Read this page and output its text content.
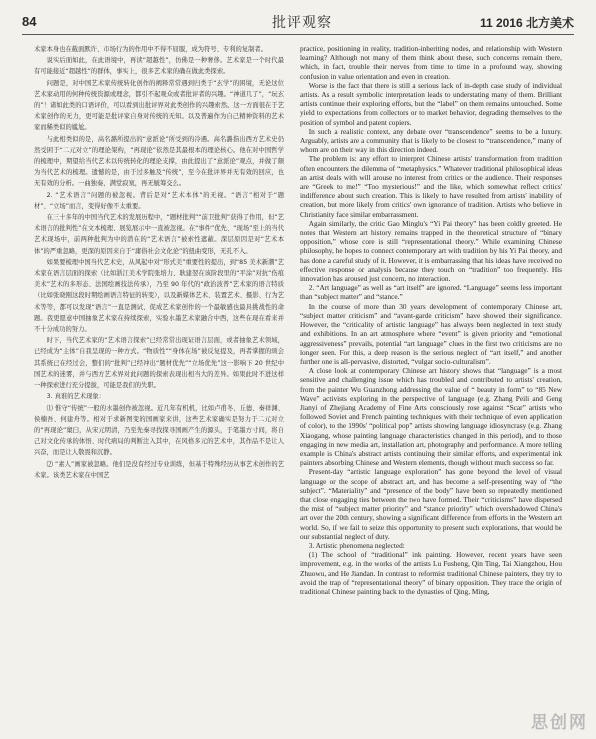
84	批评观察	11 2016 北方美术

术家本身也在截面默许、市场行为的作用中不得不屈服，成为符号、专利的复制者。

说实后面如此，在此语境中，再读“超越性”，仿佛是一种奢侈。艺术家是一个时代最有可能接近“超越性”的群体，事实上，很多艺术家的确在做此类探索。

问题是，对中国艺术家传统转化创作的阐释常常遇到归类于“玄学”的困境，无论这位艺术家动用的何种传统资源或理念，都引不起观众或者批评者的兴趣。“神道几了”，“玩玄的”！诸如此类的口语评价，可以看到出批评界对此类创作的兴趣索然。这一方面很在于艺术家创作的无力，更可能是批评家自身对传统的无知。以及普遍作为自己精神资料的艺术家而稀类似的尴尬。

与此相类似的是，高名潞所提出的“意派论”所受到的冷遇。高名潞指出西方艺术史仍然受困于“二元对立”的理论架构，“再现论”依然是其最根本的理论核心。他在对中国哲学的梳理中，期望给当代艺术以传统转化的理论支撑，由此提出了“意派论”观点，并做了颇为当代艺术的梳理。遗憾的是，由于过多触及“传统”，至今在批评界并无有效的回应，也无有效的分析。一曲独奏，满堂寂寞，再无觥筹交么。

2. “艺术语言”问题的被忽视。背后是对“艺术本体”的无视。“语言”相对于“题材”、“立场”而言，变得好像不太重要。

在三十多年的中国当代艺术的发展历程中，“题材批判”“前卫批判”获得了作用，但“艺术语言的批判性”在文本梳理、展览展示中一直被忽视。在“事件”优先、“现场”至上的当代艺术现场中，前两种批判为中的潜在的“艺术语言”被索性遮蔽。深层原因是对“艺术本体”的严重忽略，更深的原因来自于“庸俗社会文化论”的扭曲变形，无孔不入。

如果要梳理中国当代艺术史，从风起中对“形式美”重要性的提出，到“85 美术新潮”艺术家在语言层面的探索（比如浙江美术学院张培力、耿建翌在该阶段里的“平涂”对抗“伤痕美术”艺术的多形态、法国绘画技法传承），乃至 90 年代的“政治波普”艺术家的语言特质（比如张晓刚这段时期绘画语言特征的转变），以及新媒体艺术、装置艺术、摄影、行为艺术等等，都可以发现“语言”一直是测试、促成艺术家创作的一个最敏感也最具挑战性的命题。我更愿意中国抽象艺术家在持续探索，实验水墨艺术家融合中西，这些在现在看来并不十分成功的努力。

时下，当代艺术家的“艺术语言探索”已经常常出现证语言层面，或者抽象艺术领域，已经成为“主体”自我呈现的一种方式。“物质性”“身体在场”被反复提及，再者掌握的颂会其系统已在经过会，整们的“批判”已经冲出“题材优先”“立场优先”这一影响下 20 世纪中国艺术的迷雾，并与西方艺术界对此问题的探索表现出相当大的差异。如果此时不进这样一种探索进行充分提拔，可能是我们的失职。

3. 真谁的艺术现象：

⑴ 惟守“传统”一般的水墨创作被忽视。近几年有机机，比如卢甫冬、丘德、秦祥渊、侯楠吾、何建舟等。相对于求新图变的国画家来讲，这些艺术家确实是努力于二元对立的“再现论”窠臼，从宋元明清，乃至先秦寻找探寻国画产生的源头，于笔墨方寸间，将自己对文化传承的体悟、时代病局的判断注入其中，在风格多元的艺术中，其作品不是让人兴奋，而是让人敬畏和沉静。

⑵ “素人”画家被忽略。他们是没有经过专业训练，但基于特殊经历从事艺术创作的艺术家。该类艺术家在中国艺

practice, positioning in reality, tradition-inheriting nodes, and relationship with Western learning? Although not many of them think about these, such concerns remain there, which, in fact, trouble their nerves from time to time in a profound way, showing confusion in value orientation and even in creation.

Worse is the fact that there is still a serious lack of in-depth case study of individual artists. As a result symbolic interpretation leads to understating many of them. Brilliant artists continue their exploring efforts, but the “label” on them remains untouched. Some yield to expectations from collectors or to market behavior, degrading themselves to the position of symbol and patent copiers.

In such a realistic context, any debate over “transcendence” seems to be a luxury. Arguably, artists are a community that is likely to be closest to “transcendence,” many of whom are on their way in this direction indeed.

The problem is: any effort to interpret Chinese artists' transformation from tradition often encounters the dilemma of “metaphysics.” Whatever traditional philosophical ideas an artist deals with will arouse no interest from critics or the audience. Their responses are “Greek to me!” “Too mysterious!” and the like, which somewhat reflect critics' indifference about such creation. This is likely to have resulted from artists' inability of creation, but more likely from critics' own ignorance of tradition. Artists who believe in Christianity face similar embarrassment.

Again similarly, the critic Gao Minglu's “Yi Pai theory” has been coldly greeted. He notes that Western art history remains trapped in the theoretical structure of “binary opposition,” whose core is still “representational theory.” While examining Chinese philosophy, he hopes to connect contemporary art with tradition by his Yi Pai theory, and has done a careful study of it. However, it is embarrassing that his ideas have received no effective response or analysis because they touch on “tradition” too frequently. His innovation has aroused just concern, no interaction.

2. “Art language” as well as “art itself” are ignored. “Language” seems less important than “subject matter” and “stance.”

In the course of more than 30 years development of contemporary Chinese art, “subject matter criticism” and “avant-garde criticism” have showed their significance. However, the “criticality of artistic language” has always been neglected in text study and exhibitions. In an art atmosphere where “event” is given priority and “emotional aggressiveness” prevails, potential “art language” clues in the first two criticisms are no longer seen. For this, a deep reason is the serious neglect of “art itself,” and another further one is all-pervasive, distorted, “vulgar socio-culturalism”.

A close look at contemporary Chinese art history shows that “language” is a most sensitive and challenging issue which has troubled and contributed to artists' creation, from the painter Wu Guanzhong addressing the value of “ beauty in form” to “85 New Wave” activists exploring in the perspective of language (e.g. Zhang Peili and Geng Jianyi of Zhejiang Academy of Fine Arts consciously rose against “Scar” artists who followed Soviet and French painting techniques with their technique of even application of color), to the 1990s' “political pop” artists showing language idiosyncrasy (e.g. Zhang Xiaogang, whose painting language characteristics changed in this period), and to those engaging in new media art, installation art, photography and performance. A more telling example is China's abstract artists continuing their similar efforts, and experimental ink painters absorbing Chinese and Western elements, though without much success so far.

Present-day “artistic language exploration” has gone beyond the level of visual language or the scope of abstract art, and has become a self-presenting way of “the subject”. “Materiality” and “presence of the body” have been so repeatedly mentioned that close engaging ties between the two have formed. Their “criticisms” have dispersed the mist of “subject matter priority” and “stance priority” which overshadowed China's art over the 20th century, showing a significant difference from efforts in the Western art world. So, if we fail to seize this opportunity to present such explorations, that would be our substantial neglect of duty.

3. Artistic phenomena neglected:

(1) The school of “traditional” ink painting. However, recent years have seen improvement, e.g. in the works of the artists Lu Fusheng, Qin Ting, Tai Xiangzhou, Hou Zhuowu, and He Jiandan. In contrast to reformist traditional Chinese painters, they try to avoid the trap of “representational theory” of binary opposition. They trace the origin of traditional Chinese painting back to the dynasties of Qing, Ming,

思创网
